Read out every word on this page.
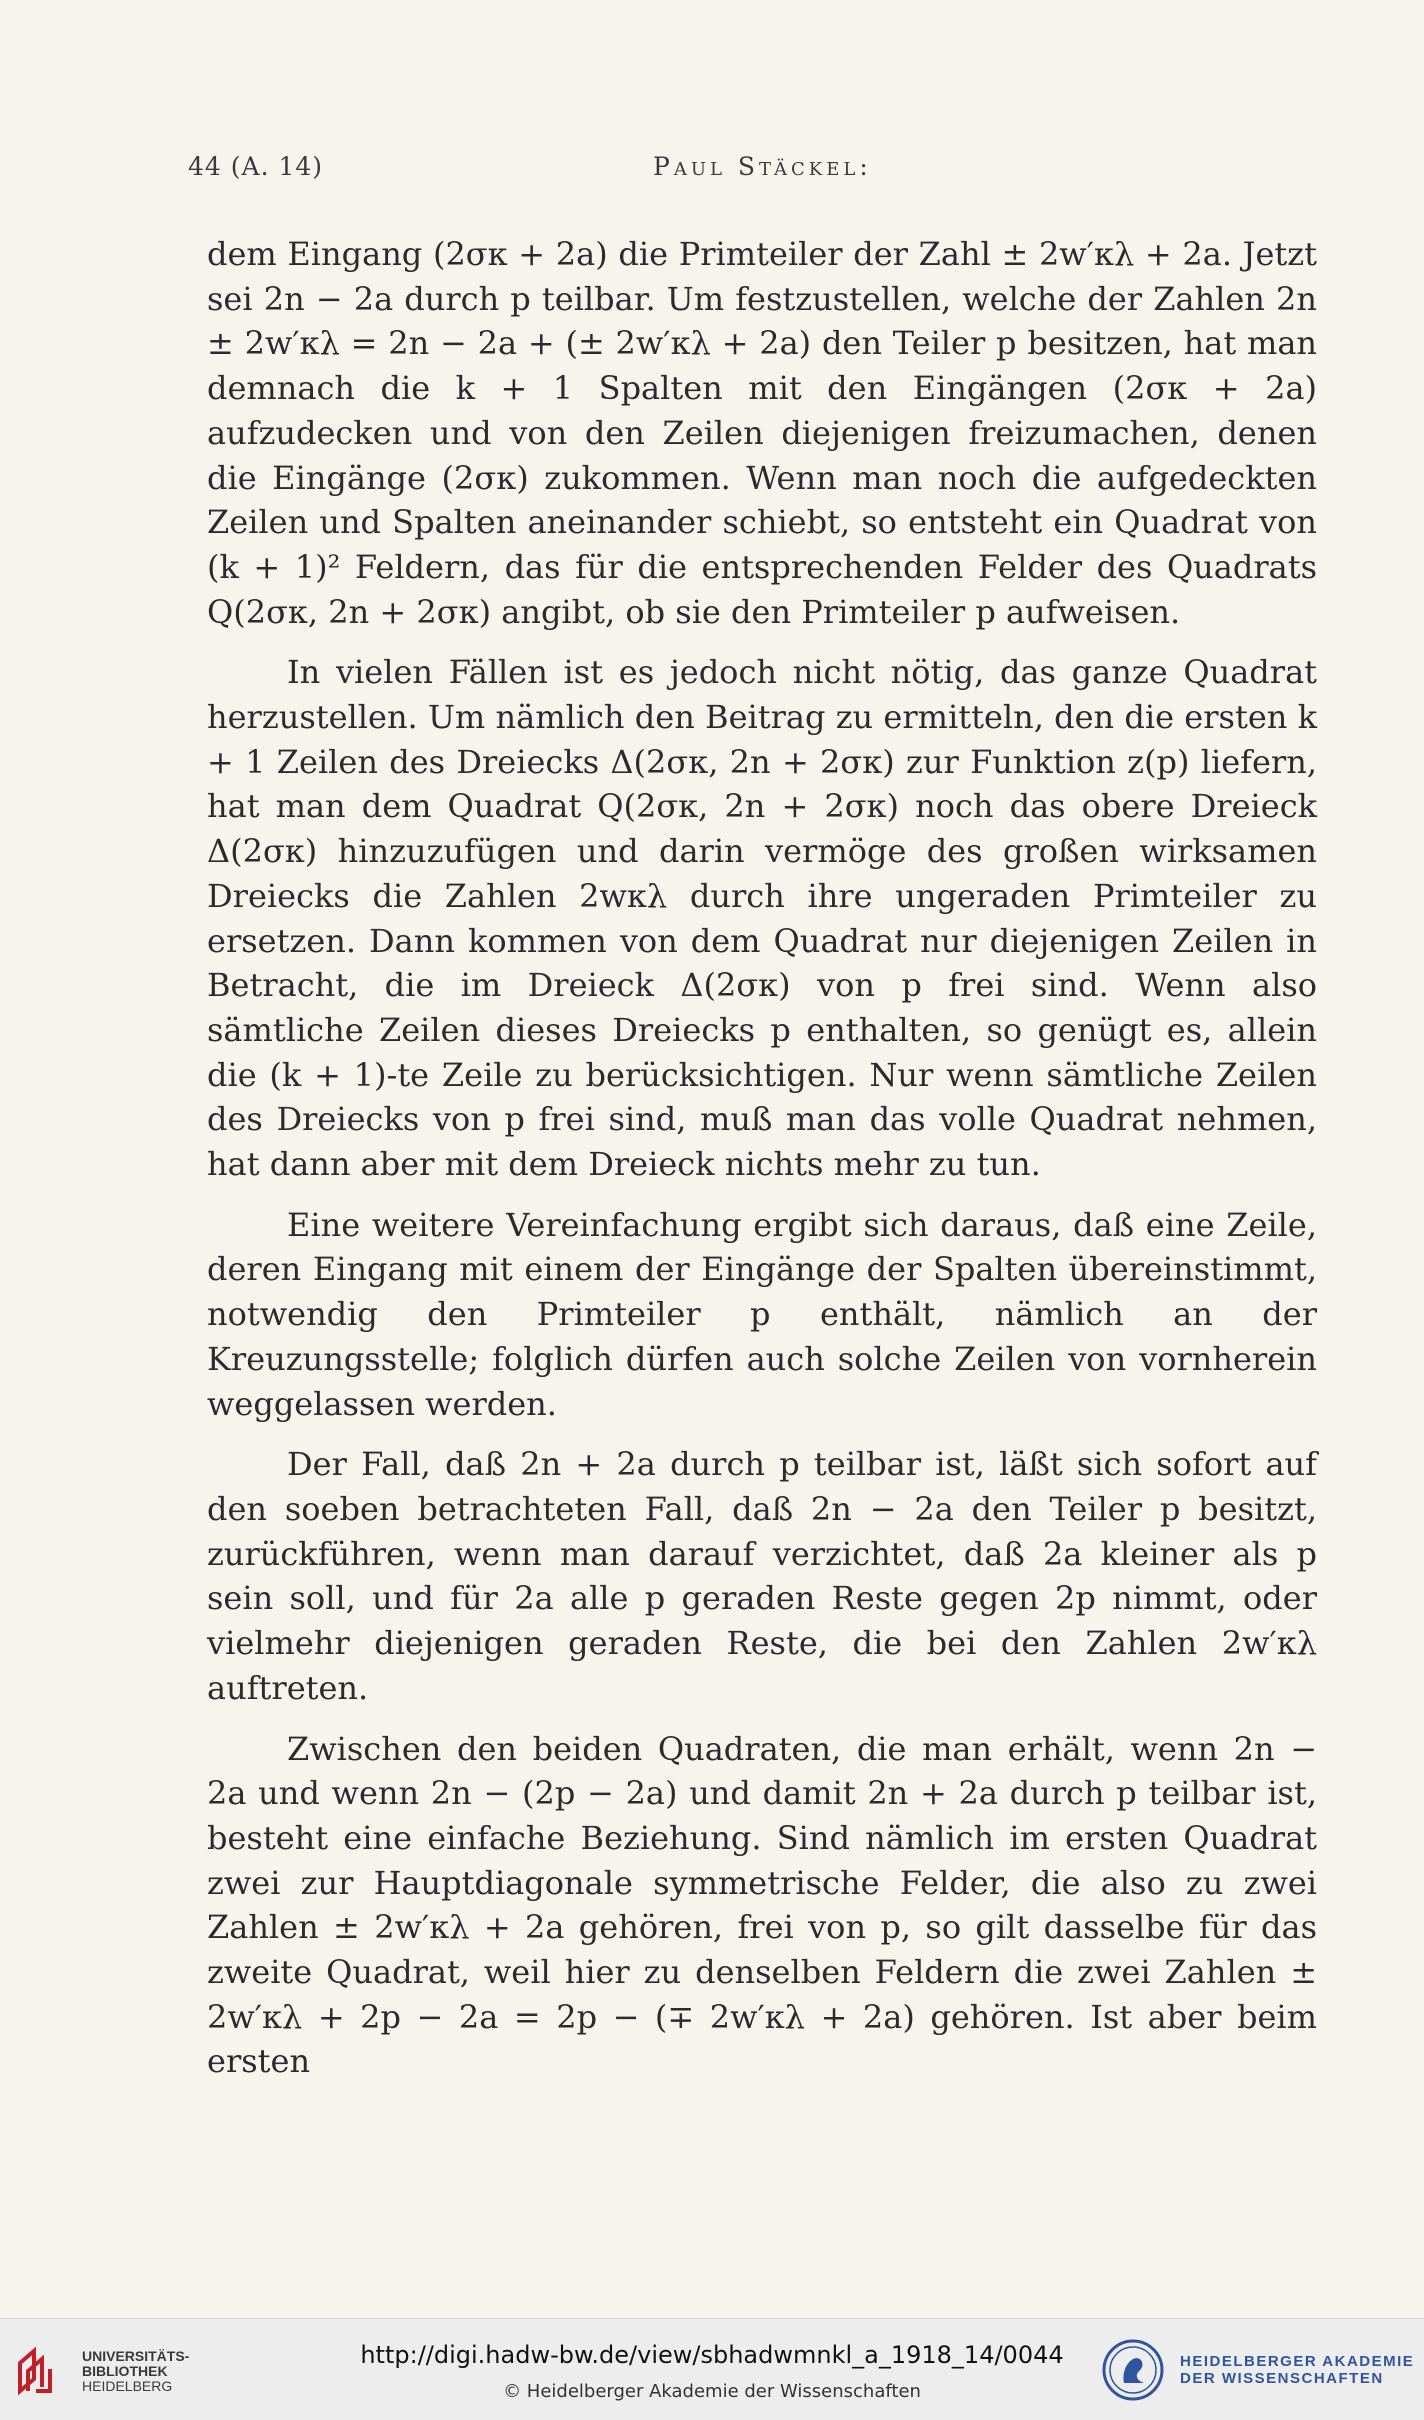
44 (A. 14)	Paul Stäckel:

dem Eingang (2σκ + 2a) die Primteiler der Zahl ± 2w′κλ + 2a. Jetzt sei 2n − 2a durch p teilbar. Um festzustellen, welche der Zahlen 2n ± 2w′κλ = 2n − 2a + (± 2w′κλ + 2a) den Teiler p besitzen, hat man demnach die k + 1 Spalten mit den Eingängen (2σκ + 2a) aufzudecken und von den Zeilen diejenigen freizumachen, denen die Eingänge (2σκ) zukommen. Wenn man noch die aufgedeckten Zeilen und Spalten aneinander schiebt, so entsteht ein Quadrat von (k + 1)² Feldern, das für die entsprechenden Felder des Quadrats Q(2σκ, 2n + 2σκ) angibt, ob sie den Primteiler p aufweisen.

In vielen Fällen ist es jedoch nicht nötig, das ganze Quadrat herzustellen. Um nämlich den Beitrag zu ermitteln, den die ersten k + 1 Zeilen des Dreiecks Δ(2σκ, 2n + 2σκ) zur Funktion z(p) liefern, hat man dem Quadrat Q(2σκ, 2n + 2σκ) noch das obere Dreieck Δ(2σκ) hinzuzufügen und darin vermöge des großen wirksamen Dreiecks die Zahlen 2wκλ durch ihre ungeraden Primteiler zu ersetzen. Dann kommen von dem Quadrat nur diejenigen Zeilen in Betracht, die im Dreieck Δ(2σκ) von p frei sind. Wenn also sämtliche Zeilen dieses Dreiecks p enthalten, so genügt es, allein die (k + 1)-te Zeile zu berücksichtigen. Nur wenn sämtliche Zeilen des Dreiecks von p frei sind, muß man das volle Quadrat nehmen, hat dann aber mit dem Dreieck nichts mehr zu tun.

Eine weitere Vereinfachung ergibt sich daraus, daß eine Zeile, deren Eingang mit einem der Eingänge der Spalten übereinstimmt, notwendig den Primteiler p enthält, nämlich an der Kreuzungsstelle; folglich dürfen auch solche Zeilen von vornherein weggelassen werden.

Der Fall, daß 2n + 2a durch p teilbar ist, läßt sich sofort auf den soeben betrachteten Fall, daß 2n − 2a den Teiler p besitzt, zurückführen, wenn man darauf verzichtet, daß 2a kleiner als p sein soll, und für 2a alle p geraden Reste gegen 2p nimmt, oder vielmehr diejenigen geraden Reste, die bei den Zahlen 2w′κλ auftreten.

Zwischen den beiden Quadraten, die man erhält, wenn 2n − 2a und wenn 2n − (2p − 2a) und damit 2n + 2a durch p teilbar ist, besteht eine einfache Beziehung. Sind nämlich im ersten Quadrat zwei zur Hauptdiagonale symmetrische Felder, die also zu zwei Zahlen ± 2w′κλ + 2a gehören, frei von p, so gilt dasselbe für das zweite Quadrat, weil hier zu denselben Feldern die zwei Zahlen ± 2w′κλ + 2p − 2a = 2p − (∓ 2w′κλ + 2a) gehören. Ist aber beim ersten

UNIVERSITÄTS-
BIBLIOTHEK
HEIDELBERG
http://digi.hadw-bw.de/view/sbhadwmnkl_a_1918_14/0044
© Heidelberger Akademie der Wissenschaften
HEIDELBERGER AKADEMIE
DER WISSENSCHAFTEN
